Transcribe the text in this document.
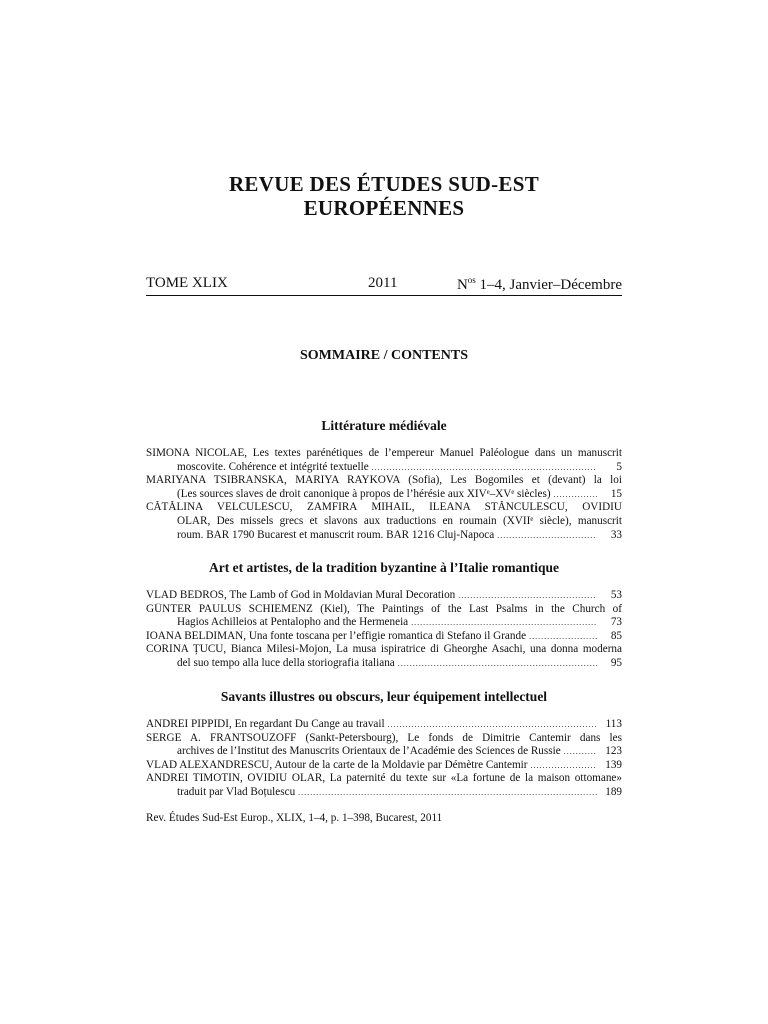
REVUE DES ÉTUDES SUD-EST
EUROPÉENNES
TOME XLIX	2011	$N^{os}$ 1–4, Janvier–Décembre
SOMMAIRE / CONTENTS
Littérature médiévale
SIMONA NICOLAE, Les textes parénétiques de l’empereur Manuel Paléologue dans un manuscrit
moscovite. Cohérence et intégrité textuelle .....	5
MARIYANA TSIBRANSKA, MARIYA RAYKOVA (Sofia), Les Bogomiles et (devant) la loi
(Les sources slaves de droit canonique à propos de l’hérésie aux XIVᵉ–XVᵉ siècles) .....	15
CĂTĂLINA VELCULESCU, ZAMFIRA MIHAIL, ILEANA STĂNCULESCU, OVIDIU
OLAR, Des missels grecs et slavons aux traductions en roumain (XVIIᵉ siècle), manuscrit
roum. BAR 1790 Bucarest et manuscrit roum. BAR 1216 Cluj-Napoca .....	33
Art et artistes, de la tradition byzantine à l’Italie romantique
VLAD BEDROS, The Lamb of God in Moldavian Mural Decoration .....	53
GÜNTER PAULUS SCHIEMENZ (Kiel), The Paintings of the Last Psalms in the Church of
Hagios Achilleios at Pentalopho and the Hermeneia .....	73
IOANA BELDIMAN, Una fonte toscana per l’effigie romantica di Stefano il Grande .....	85
CORINA ȚUCU, Bianca Milesi-Mojon, La musa ispiratrice di Gheorghe Asachi, una donna moderna
del suo tempo alla luce della storiografia italiana .....	95
Savants illustres ou obscurs, leur équipement intellectuel
ANDREI PIPPIDI, En regardant Du Cange au travail .....	113
SERGE A. FRANTSOUZOFF (Sankt-Petersbourg), Le fonds de Dimitrie Cantemir dans les
archives de l’Institut des Manuscrits Orientaux de l’Académie des Sciences de Russie .....	123
VLAD ALEXANDRESCU, Autour de la carte de la Moldavie par Démètre Cantemir .....	139
ANDREI TIMOTIN, OVIDIU OLAR, La paternité du texte sur «La fortune de la maison ottomane»
traduit par Vlad Boțulescu .....	189
Rev. Études Sud-Est Europ., XLIX, 1–4, p. 1–398, Bucarest, 2011
